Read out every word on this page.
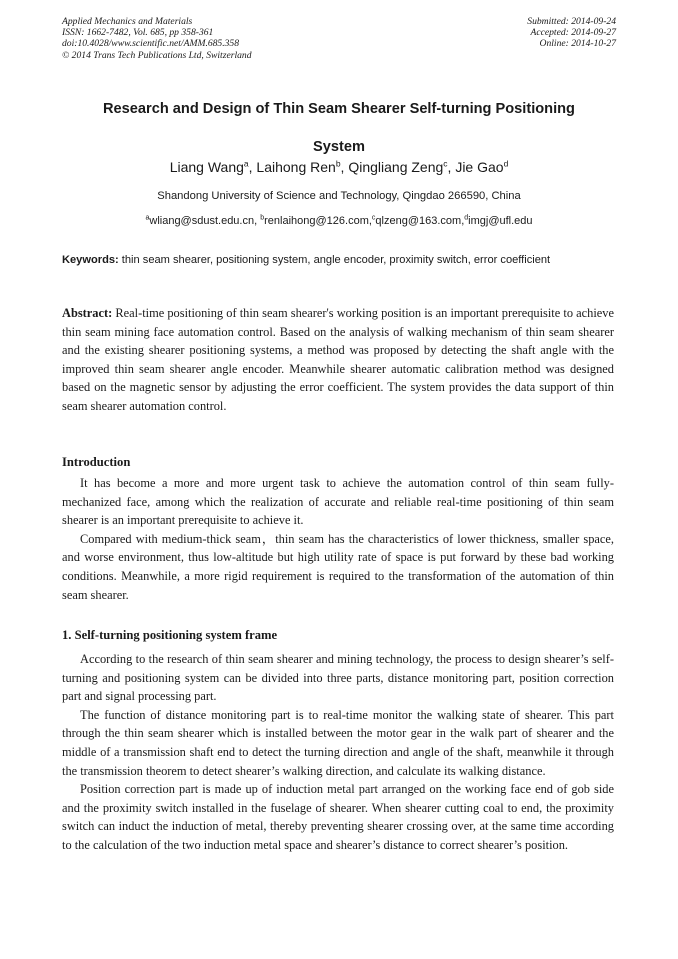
Applied Mechanics and Materials
ISSN: 1662-7482, Vol. 685, pp 358-361
doi:10.4028/www.scientific.net/AMM.685.358
© 2014 Trans Tech Publications Ltd, Switzerland
Submitted: 2014-09-24
Accepted: 2014-09-27
Online: 2014-10-27
Research and Design of Thin Seam Shearer Self-turning Positioning
System
Liang Wang$^a$, Laihong Ren$^b$, Qingliang Zeng$^c$, Jie Gao$^d$
Shandong University of Science and Technology, Qingdao 266590, China
$^a$wliang@sdust.edu.cn, $^b$renlaihong@126.com,$^c$qlzeng@163.com,$^d$imgj@ufl.edu
Keywords: thin seam shearer, positioning system, angle encoder, proximity switch, error coefficient
Abstract: Real-time positioning of thin seam shearer's working position is an important prerequisite to achieve thin seam mining face automation control. Based on the analysis of walking mechanism of thin seam shearer and the existing shearer positioning systems, a method was proposed by detecting the shaft angle with the improved thin seam shearer angle encoder. Meanwhile shearer automatic calibration method was designed based on the magnetic sensor by adjusting the error coefficient. The system provides the data support of thin seam shearer automation control.
Introduction

It has become a more and more urgent task to achieve the automation control of thin seam fully-mechanized face, among which the realization of accurate and reliable real-time positioning of thin seam shearer is an important prerequisite to achieve it.

Compared with medium-thick seam，thin seam has the characteristics of lower thickness, smaller space, and worse environment, thus low-altitude but high utility rate of space is put forward by these bad working conditions. Meanwhile, a more rigid requirement is required to the transformation of the automation of thin seam shearer.

1. Self-turning positioning system frame

According to the research of thin seam shearer and mining technology, the process to design shearer’s self-turning and positioning system can be divided into three parts, distance monitoring part, position correction part and signal processing part.

The function of distance monitoring part is to real-time monitor the walking state of shearer. This part through the thin seam shearer which is installed between the motor gear in the walk part of shearer and the middle of a transmission shaft end to detect the turning direction and angle of the shaft, meanwhile it through the transmission theorem to detect shearer’s walking direction, and calculate its walking distance.

Position correction part is made up of induction metal part arranged on the working face end of gob side and the proximity switch installed in the fuselage of shearer. When shearer cutting coal to end, the proximity switch can induct the induction of metal, thereby preventing shearer crossing over, at the same time according to the calculation of the two induction metal space and shearer’s distance to correct shearer’s position.
